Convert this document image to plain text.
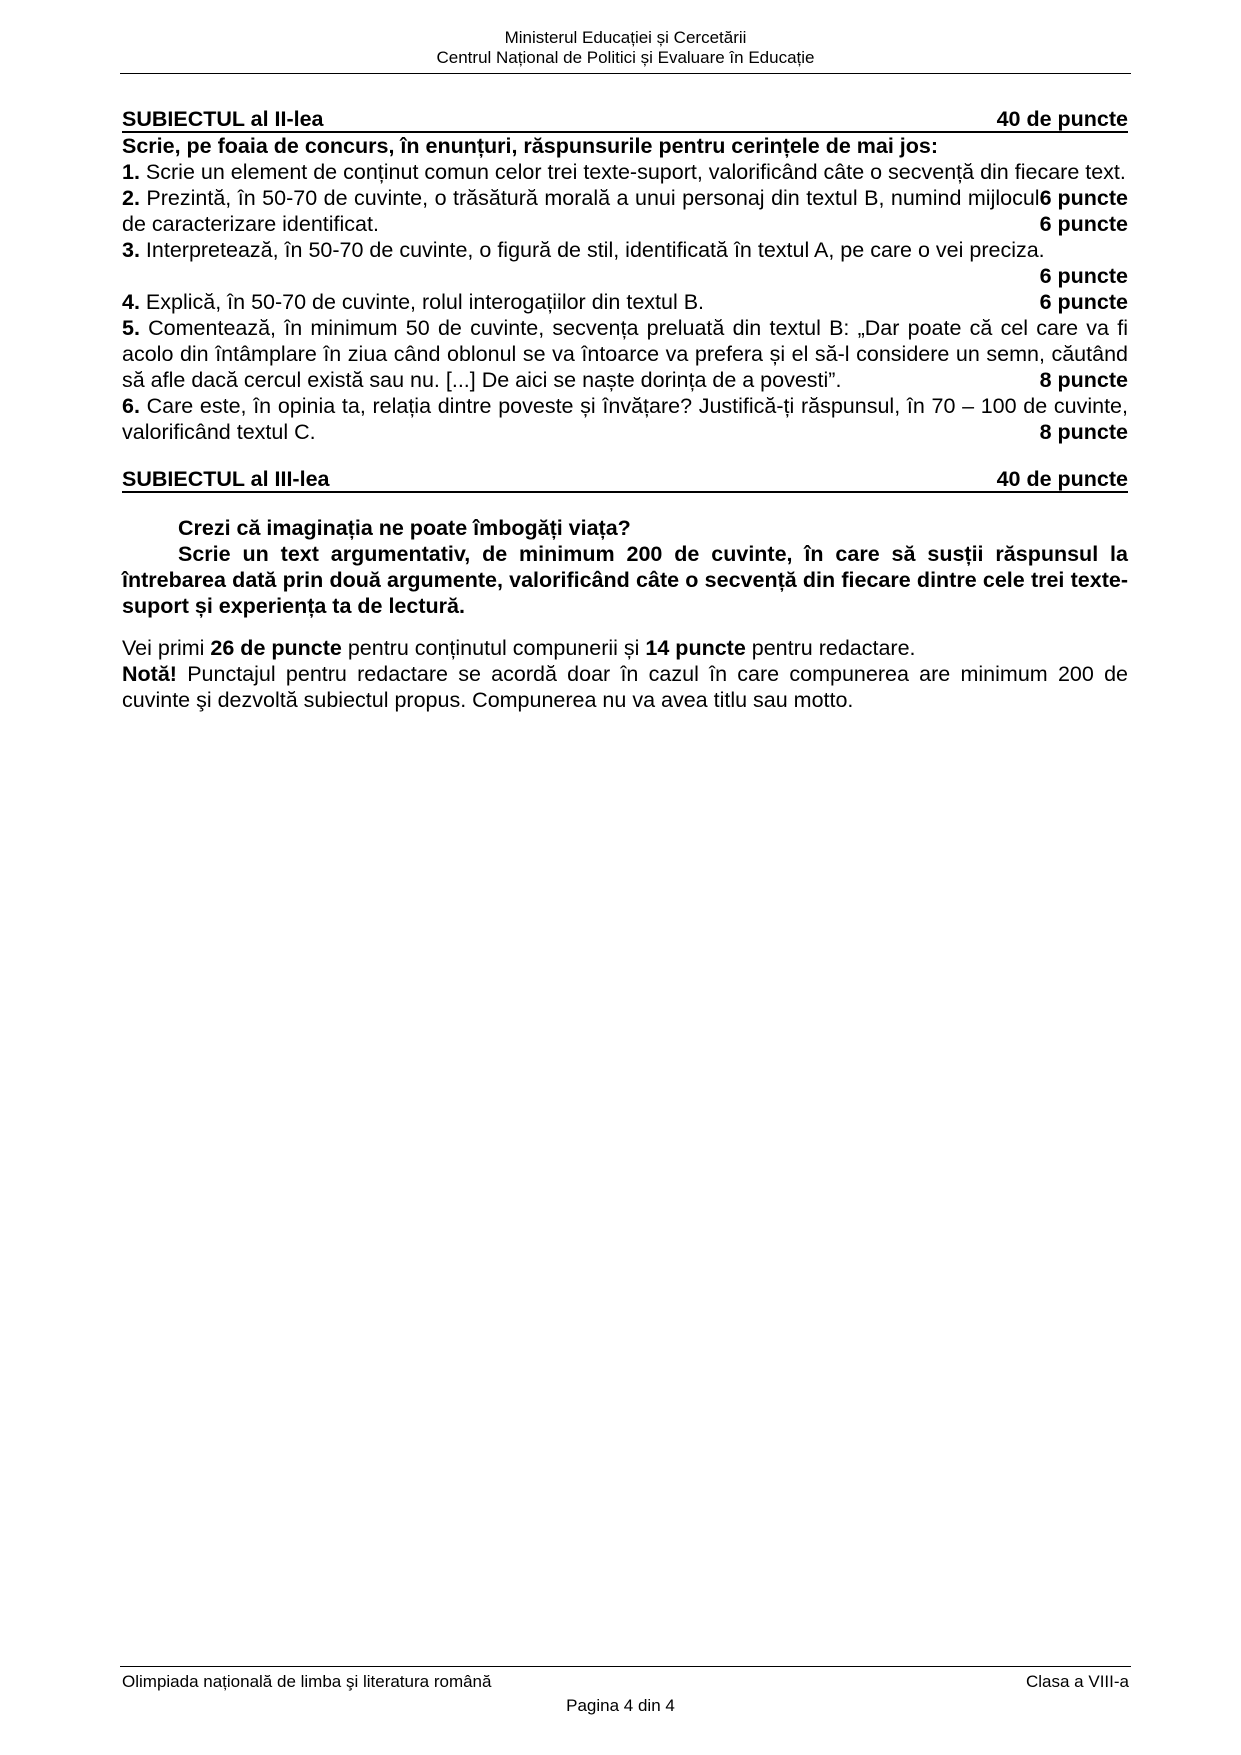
Ministerul Educației și Cercetării
Centrul Național de Politici și Evaluare în Educație
SUBIECTUL al II-lea	40 de puncte
Scrie, pe foaia de concurs, în enunțuri, răspunsurile pentru cerințele de mai jos:
1. Scrie un element de conținut comun celor trei texte-suport, valorificând câte o secvență din fiecare text.
6 puncte
2. Prezintă, în 50-70 de cuvinte, o trăsătură morală a unui personaj din textul B, numind mijlocul de caracterizare identificat.	6 puncte
3. Interpretează, în 50-70 de cuvinte, o figură de stil, identificată în textul A, pe care o vei preciza.
6 puncte
4. Explică, în 50-70 de cuvinte, rolul interogațiilor din textul B.	6 puncte
5. Comentează, în minimum 50 de cuvinte, secvența preluată din textul B: „Dar poate că cel care va fi acolo din întâmplare în ziua când oblonul se va întoarce va prefera și el să-l considere un semn, căutând să afle dacă cercul există sau nu. [...] De aici se naște dorința de a povesti”.	8 puncte
6. Care este, în opinia ta, relația dintre poveste și învățare? Justifică-ți răspunsul, în 70 – 100 de cuvinte, valorificând textul C.	8 puncte
SUBIECTUL al III-lea	40 de puncte
Crezi că imaginația ne poate îmbogăți viața?
Scrie un text argumentativ, de minimum 200 de cuvinte, în care să susții răspunsul la întrebarea dată prin două argumente, valorificând câte o secvență din fiecare dintre cele trei texte-suport și experiența ta de lectură.
Vei primi 26 de puncte pentru conținutul compunerii și 14 puncte pentru redactare.
Notă! Punctajul pentru redactare se acordă doar în cazul în care compunerea are minimum 200 de cuvinte şi dezvoltă subiectul propus. Compunerea nu va avea titlu sau motto.
Olimpiada națională de limba şi literatura română	Clasa a VIII-a
Pagina 4 din 4
